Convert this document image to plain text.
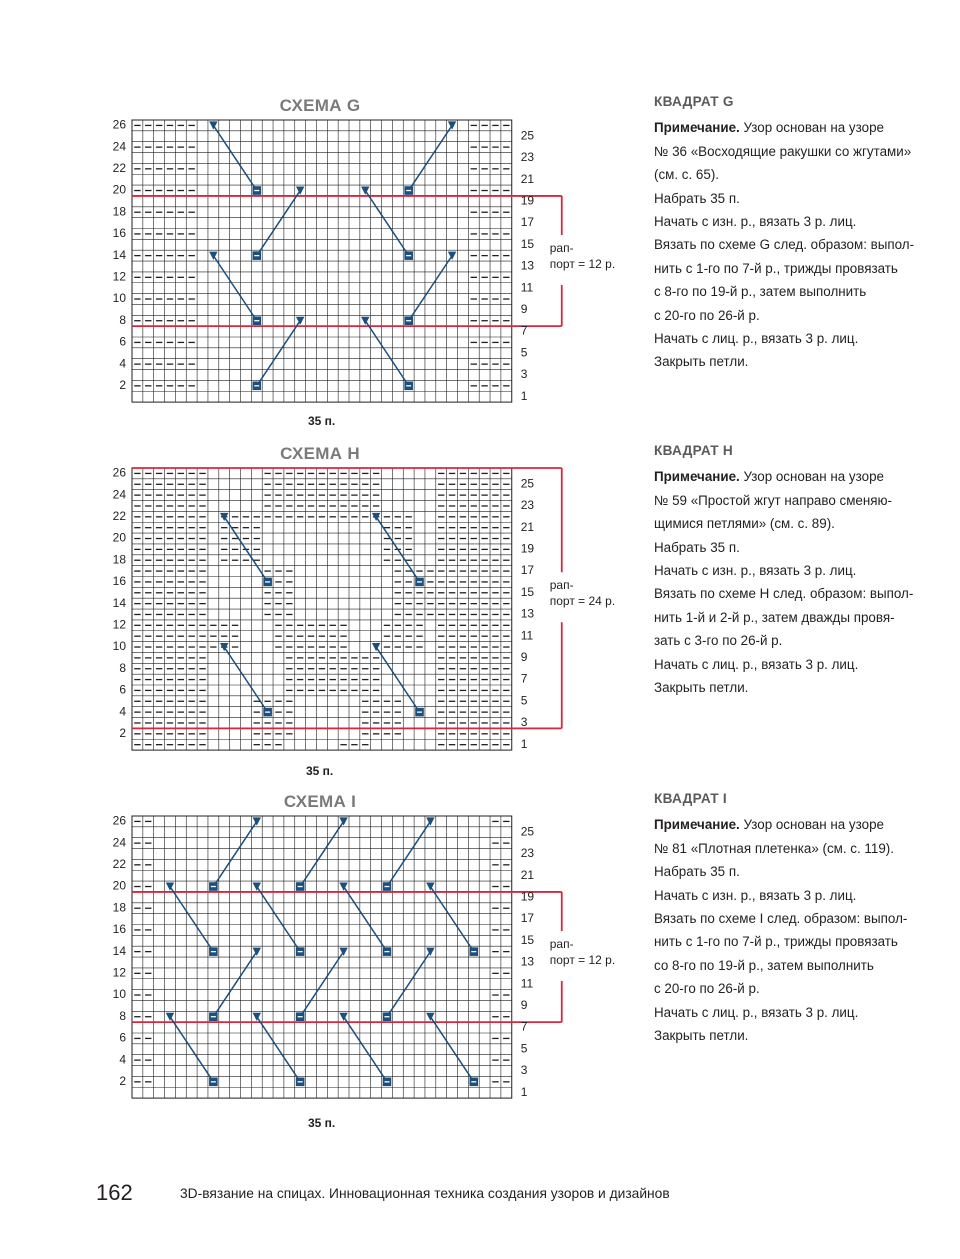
СХЕМА G
рап-
порт = 12 р.
1
2
3
4
5
6
7
8
9
10
11
12
13
14
15
16
17
18
19
20
21
22
23
24
25
26
35 п.
СХЕМА H
рап-
порт = 24 р.
1
2
3
4
5
6
7
8
9
10
11
12
13
14
15
16
17
18
19
20
21
22
23
24
25
26
35 п.
СХЕМА I
рап-
порт = 12 р.
1
2
3
4
5
6
7
8
9
10
11
12
13
14
15
16
17
18
19
20
21
22
23
24
25
26
35 п.
КВАДРАТ G

Примечание. Узор основан на узоре

№ 36 «Восходящие ракушки со жгутами»

(см. с. 65).

Набрать 35 п.

Начать с изн. р., вязать 3 р. лиц.

Вязать по схеме G след. образом: выпол-

нить с 1-го по 7-й р., трижды провязать

с 8-го по 19-й р., затем выполнить

с 20-го по 26-й р.

Начать с лиц. р., вязать 3 р. лиц.

Закрыть петли.

КВАДРАТ H

Примечание. Узор основан на узоре

№ 59 «Простой жгут направо сменяю-

щимися петлями» (см. с. 89).

Набрать 35 п.

Начать с изн. р., вязать 3 р. лиц.

Вязать по схеме H след. образом: выпол-

нить 1-й и 2-й р., затем дважды провя-

зать с 3-го по 26-й р.

Начать с лиц. р., вязать 3 р. лиц.

Закрыть петли.

КВАДРАТ I

Примечание. Узор основан на узоре

№ 81 «Плотная плетенка» (см. с. 119).

Набрать 35 п.

Начать с изн. р., вязать 3 р. лиц.

Вязать по схеме I след. образом: выпол-

нить с 1-го по 7-й р., трижды провязать

со 8-го по 19-й р., затем выполнить

с 20-го по 26-й р.

Начать с лиц. р., вязать 3 р. лиц.

Закрыть петли.

162	3D-вязание на спицах. Инновационная техника создания узоров и дизайнов
